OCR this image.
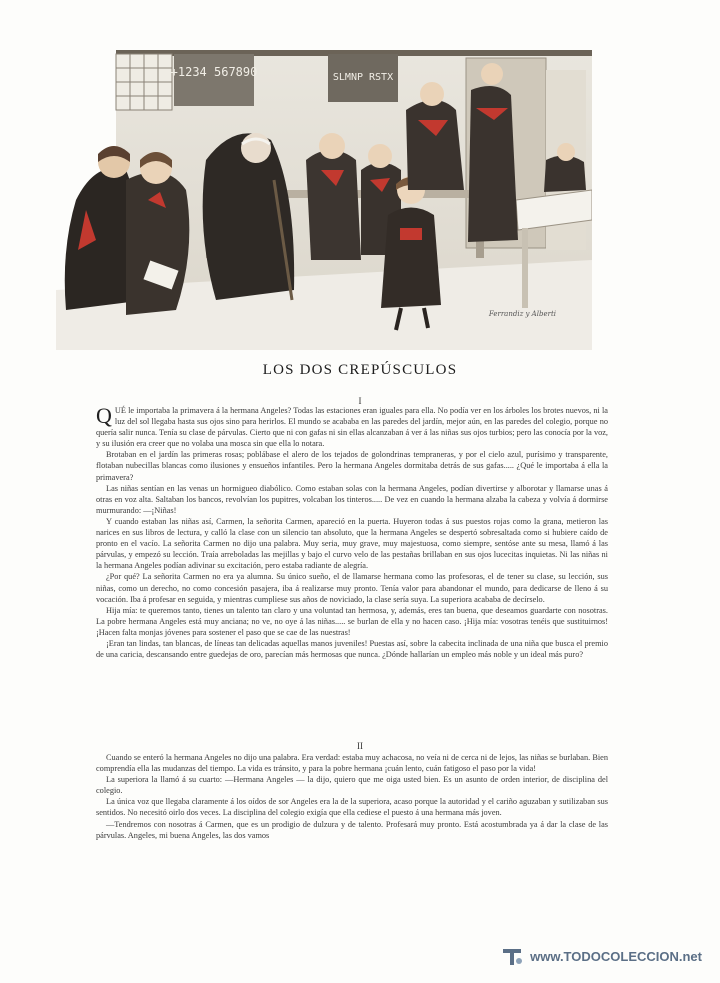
+1234 567890	SLMNP RSTX
Ferrandiz y Alberti
LOS DOS CREPÚSCULOS
I

QUÉ le importaba la primavera á la hermana Angeles? Todas las estaciones eran iguales para ella. No podía ver en los árboles los brotes nuevos, ni la luz del sol llegaba hasta sus ojos sino para herirlos. El mundo se acababa en las paredes del jardín, mejor aún, en las paredes del colegio, porque no quería salir nunca. Tenía su clase de párvulas. Cierto que ni con gafas ni sin ellas alcanzaban á ver á las niñas sus ojos turbios; pero las conocía por la voz, y su ilusión era creer que no volaba una mosca sin que ella lo notara.

Brotaban en el jardín las primeras rosas; poblábase el alero de los tejados de golondrinas tempraneras, y por el cielo azul, purísimo y transparente, flotaban nubecillas blancas como ilusiones y ensueños infantiles. Pero la hermana Angeles dormitaba detrás de sus gafas..... ¿Qué le importaba á ella la primavera?

Las niñas sentían en las venas un hormigueo diabólico. Como estaban solas con la hermana Angeles, podían divertirse y alborotar y llamarse unas á otras en voz alta. Saltaban los bancos, revolvían los pupitres, volcaban los tinteros..... De vez en cuando la hermana alzaba la cabeza y volvía á dormirse murmurando: —¡Niñas!

Y cuando estaban las niñas así, Carmen, la señorita Carmen, apareció en la puerta. Huyeron todas á sus puestos rojas como la grana, metieron las narices en sus libros de lectura, y calló la clase con un silencio tan absoluto, que la hermana Angeles se despertó sobresaltada como si hubiere caído de pronto en el vacío. La señorita Carmen no dijo una palabra. Muy seria, muy grave, muy majestuosa, como siempre, sentóse ante su mesa, llamó á las párvulas, y empezó su lección. Traía arreboladas las mejillas y bajo el curvo velo de las pestañas brillaban en sus ojos lucecitas inquietas. Ni las niñas ni la hermana Angeles podían adivinar su excitación, pero estaba radiante de alegría.

¿Por qué? La señorita Carmen no era ya alumna. Su único sueño, el de llamarse hermana como las profesoras, el de tener su clase, su lección, sus niñas, como un derecho, no como concesión pasajera, iba á realizarse muy pronto. Tenía valor para abandonar el mundo, para dedicarse de lleno á su vocación. Iba á profesar en seguida, y mientras cumpliese sus años de noviciado, la clase sería suya. La superiora acababa de decírselo.

Hija mía: te queremos tanto, tienes un talento tan claro y una voluntad tan hermosa, y, además, eres tan buena, que deseamos guardarte con nosotras. La pobre hermana Angeles está muy anciana; no ve, no oye á las niñas..... se burlan de ella y no hacen caso. ¡Hija mía: vosotras tenéis que sustituirnos! ¡Hacen falta monjas jóvenes para sostener el paso que se cae de las nuestras!

¡Eran tan lindas, tan blancas, de líneas tan delicadas aquellas manos juveniles! Puestas así, sobre la cabecita inclinada de una niña que busca el premio de una caricia, descansando entre guedejas de oro, parecían más hermosas que nunca. ¿Dónde hallarían un empleo más noble y un ideal más puro?

II

Cuando se enteró la hermana Angeles no dijo una palabra. Era verdad: estaba muy achacosa, no veía ni de cerca ni de lejos, las niñas se burlaban. Bien comprendía ella las mudanzas del tiempo. La vida es tránsito, y para la pobre hermana ¡cuán lento, cuán fatigoso el paso por la vida!

La superiora la llamó á su cuarto: —Hermana Angeles — la dijo, quiero que me oiga usted bien. Es un asunto de orden interior, de disciplina del colegio.

La única voz que llegaba claramente á los oídos de sor Angeles era la de la superiora, acaso porque la autoridad y el cariño aguzaban y sutilizaban sus sentidos. No necesitó oirlo dos veces. La disciplina del colegio exigía que ella cediese el puesto á una hermana más joven.

—Tendremos con nosotras á Carmen, que es un prodigio de dulzura y de talento. Profesará muy pronto. Está acostumbrada ya á dar la clase de las párvulas. Angeles, mi buena Angeles, las dos vamos

www.TODOCOLECCION.net
